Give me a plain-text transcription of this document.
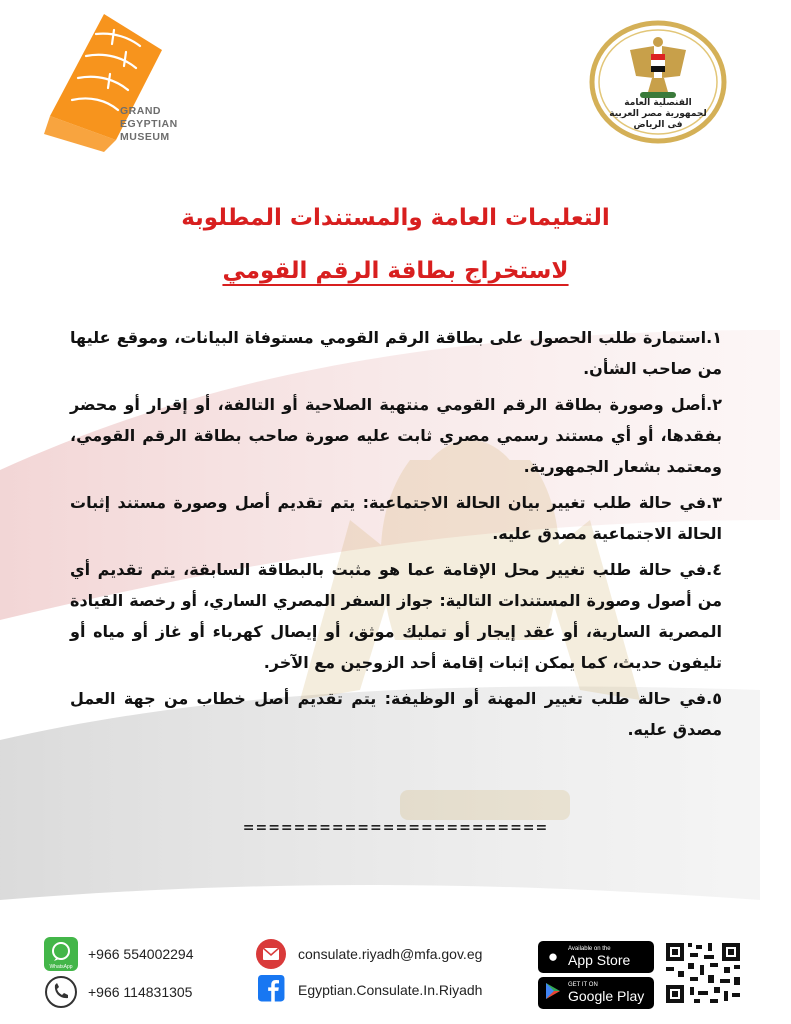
GRAND
EGYPTIAN
MUSEUM
القنصلية العامة
لجمهورية مصر العربية
فى الرياض
التعليمات العامة والمستندات المطلوبة
لاستخراج بطاقة الرقم القومي
١.استمارة طلب الحصول على بطاقة الرقم القومي مستوفاة البيانات، وموقع عليها من صاحب الشأن.
٢.أصل وصورة بطاقة الرقم القومي منتهية الصلاحية أو التالفة، أو إقرار أو محضر بفقدها، أو أي مستند رسمي مصري ثابت عليه صورة صاحب بطاقة الرقم القومي، ومعتمد بشعار الجمهورية.
٣.في حالة طلب تغيير بيان الحالة الاجتماعية: يتم تقديم أصل وصورة مستند إثبات الحالة الاجتماعية مصدق عليه.
٤.في حالة طلب تغيير محل الإقامة عما هو مثبت بالبطاقة السابقة، يتم تقديم أي من أصول وصورة المستندات التالية: جواز السفر المصري الساري، أو رخصة القيادة المصرية السارية، أو عقد إيجار أو تمليك موثق، أو إيصال كهرباء أو غاز أو مياه أو تليفون حديث، كما يمكن إثبات إقامة أحد الزوجين مع الآخر.
٥.في حالة طلب تغيير المهنة أو الوظيفة: يتم تقديم أصل خطاب من جهة العمل مصدق عليه.
========================
WhatsApp
+966 554002294
+966 114831305
consulate.riyadh@mfa.gov.eg
Egyptian.Consulate.In.Riyadh
●	Available on the
App Store
GET IT ON
Google Play
